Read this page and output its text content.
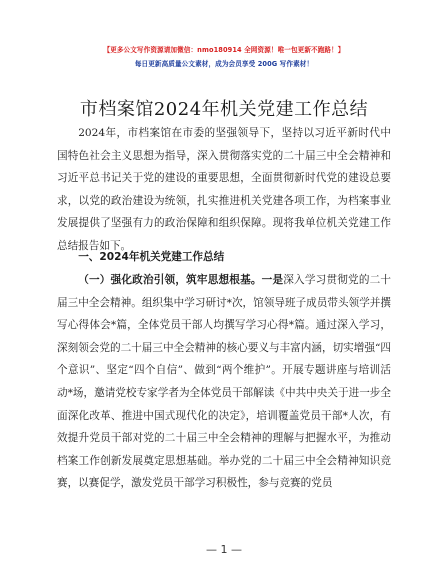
【更多公文写作资源请加微信：nmo180914 全网资源！唯一包更新不跑路！】
每日更新高质量公文素材，成为会员享受 200G 写作素材！
市档案馆2024年机关党建工作总结

2024年，市档案馆在市委的坚强领导下，坚持以习近平新时代中国特色社会主义思想为指导，深入贯彻落实党的二十届三中全会精神和习近平总书记关于党的建设的重要思想，全面贯彻新时代党的建设总要求，以党的政治建设为统领，扎实推进机关党建各项工作，为档案事业发展提供了坚强有力的政治保障和组织保障。现将我单位机关党建工作总结报告如下。

一、2024年机关党建工作总结

（一）强化政治引领，筑牢思想根基。一是深入学习贯彻党的二十届三中全会精神。组织集中学习研讨*次，馆领导班子成员带头领学并撰写心得体会*篇，全体党员干部人均撰写学习心得*篇。通过深入学习，深刻领会党的二十届三中全会精神的核心要义与丰富内涵，切实增强“四个意识”、坚定“四个自信”、做到“两个维护”。开展专题讲座与培训活动*场，邀请党校专家学者为全体党员干部解读《中共中央关于进一步全面深化改革、推进中国式现代化的决定》，培训覆盖党员干部*人次，有效提升党员干部对党的二十届三中全会精神的理解与把握水平，为推动档案工作创新发展奠定思想基础。举办党的二十届三中全会精神知识竞赛，以赛促学，激发党员干部学习积极性，参与竞赛的党员

— 1 —
